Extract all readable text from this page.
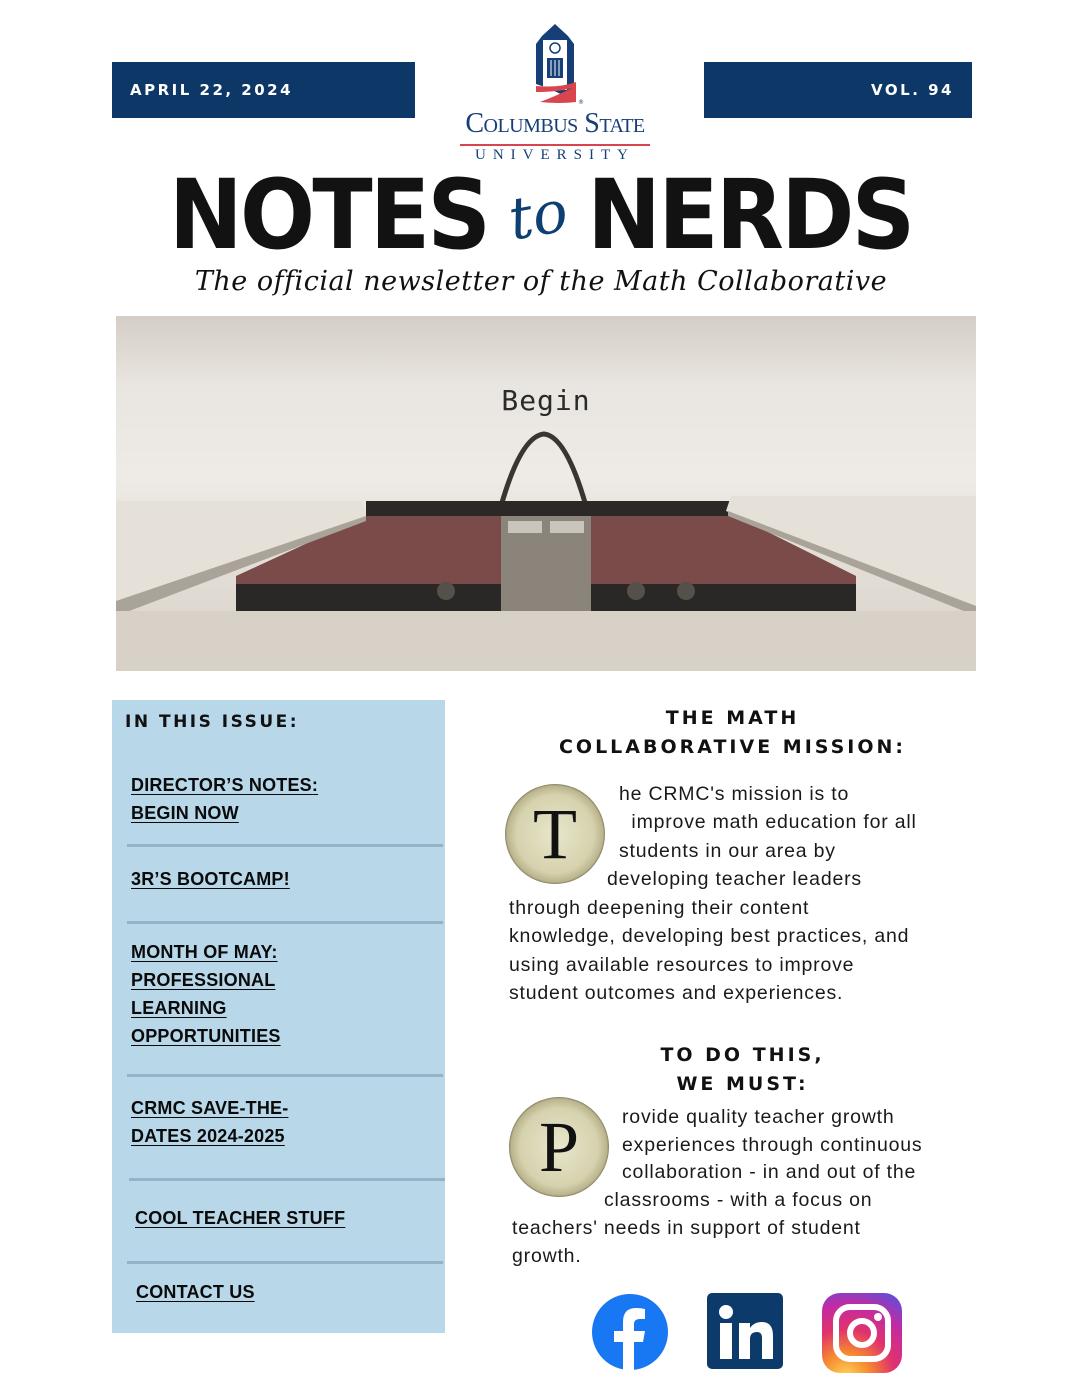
APRIL 22, 2024	VOL. 94
®
Columbus State
UNIVERSITY
NOTES to NERDS
The official newsletter of the Math Collaborative
Begin
IN THIS ISSUE:
DIRECTOR’S NOTES:
BEGIN NOW
3R’S BOOTCAMP!
MONTH OF MAY:
PROFESSIONAL
LEARNING
OPPORTUNITIES
CRMC SAVE-THE-
DATES 2024-2025
COOL TEACHER STUFF
CONTACT US
THE MATH
COLLABORATIVE MISSION:
T he CRMC's mission is to
improve math education for all
students in our area by
developing teacher leaders
through deepening their content
knowledge, developing best practices, and
using available resources to improve
student outcomes and experiences.
TO DO THIS,
WE MUST:
P rovide quality teacher growth
experiences through continuous
collaboration - in and out of the
classrooms - with a focus on
teachers' needs in support of student
growth.
